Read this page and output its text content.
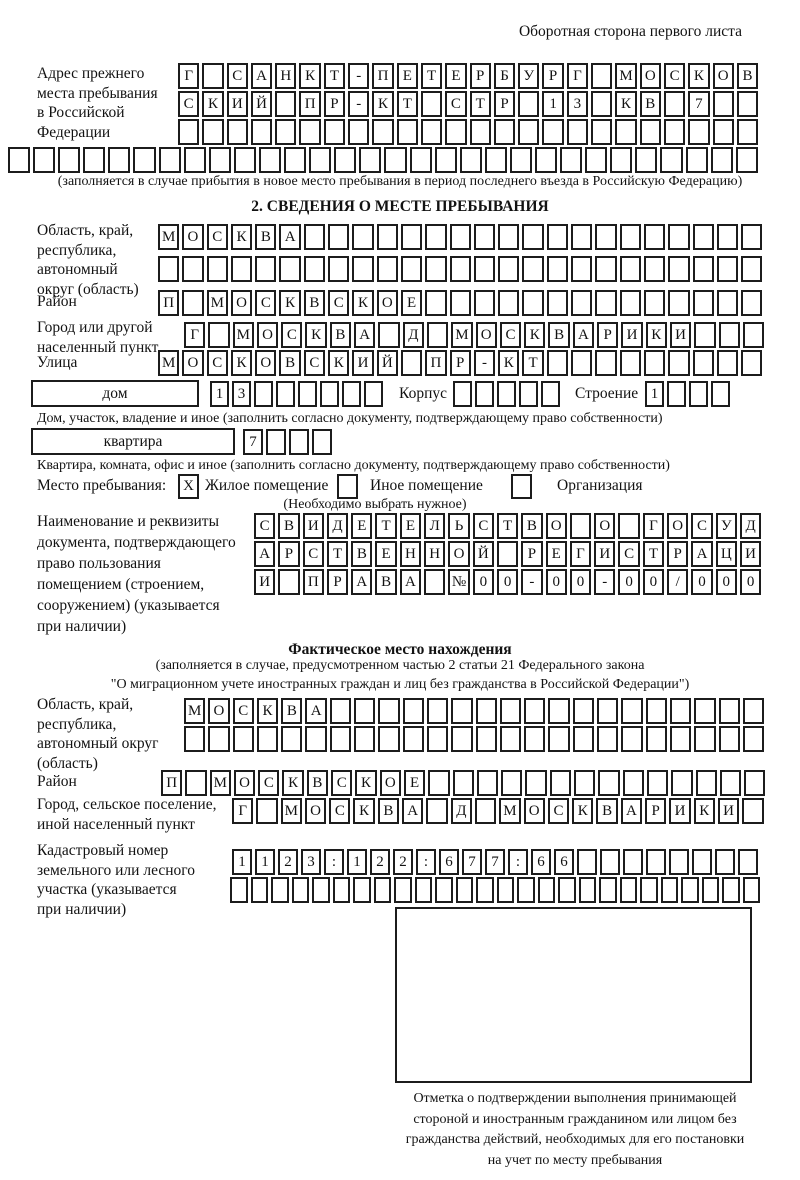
Оборотная сторона первого листа
Адрес прежнего
места пребывания
в Российской
Федерации
Г	С А Н К Т	-	П Е	Т	Е	Р	Б У Р	Г	М О С К О В
С К И Й	П Р	-	К Т	С Т	Р	1	3	К В	7
(заполняется в случае прибытия в новое место пребывания в период последнего въезда в Российскую Федерацию)
2. СВЕДЕНИЯ О МЕСТЕ ПРЕБЫВАНИЯ
Область, край,
республика,
автономный
округ (область)
М О С К В А
Район	П	М О С К В С К О Е
Город или другой
населенный пункт
Г	М О С К В А	Д	М О С К В А Р И К И
Улица	М О С К О В С К И Й	П Р	-	К Т
дом	1 3	Корпус	Строение 1
Дом, участок, владение и иное (заполнить согласно документу, подтверждающему право собственности)
квартира	7
Квартира, комната, офис и иное (заполнить согласно документу, подтверждающему право собственности)
Место пребывания:	X Жилое помещение	Иное помещение	Организация
(Необходимо выбрать нужное)
Наименование и реквизиты
документа, подтверждающего
право пользования
помещением (строением,
сооружением) (указывается
при наличии)
С В И Д Е	Т	Е Л Ь С Т В О	О	Г О С У Д
А Р	С Т В Е Н Н О Й	Р	Е	Г И С Т	Р А Ц И
И	П Р А В А	№ 0	0	-	0	0	-	0	0	/	0	0	0
Фактическое место нахождения
(заполняется в случае, предусмотренном частью 2 статьи 21 Федерального закона
"О миграционном учете иностранных граждан и лиц без гражданства в Российской Федерации")
Область, край,
республика,
автономный округ
(область)
М О С К В А
Район	П	М О С К В С К О Е
Город, сельское поселение,
иной населенный пункт
Г	М О С К В А	Д	М О С К В А Р И К И
Кадастровый номер
земельного или лесного
участка (указывается
при наличии)
1	1	2	3	:	1	2	2	:	6	7	7	:	6	6
Отметка о подтверждении выполнения принимающей
стороной и иностранным гражданином или лицом без
гражданства действий, необходимых для его постановки
на учет по месту пребывания
